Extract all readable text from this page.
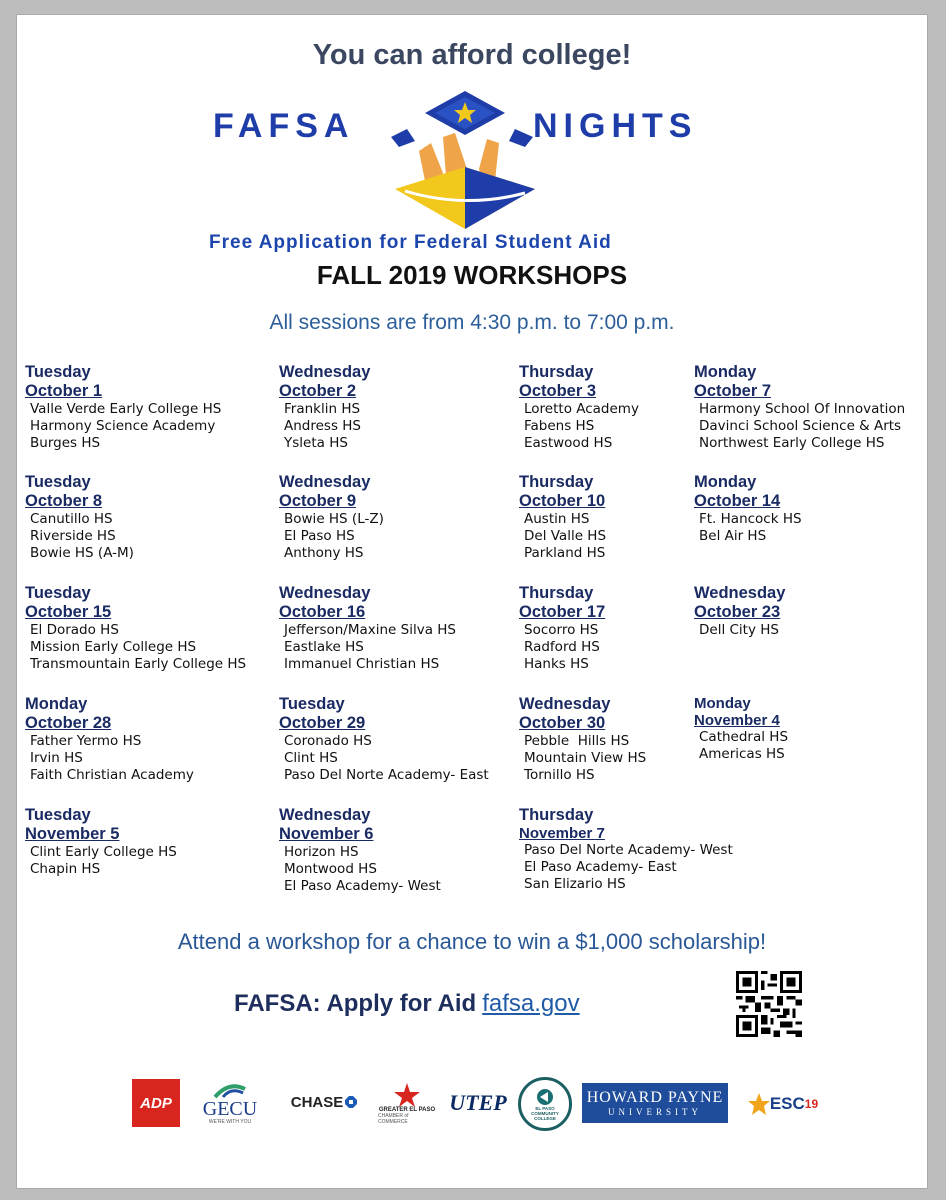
You can afford college!
FAFSA	NIGHTS
Free Application for Federal Student Aid
FALL 2019 WORKSHOPS
All sessions are from 4:30 p.m. to 7:00 p.m.
Tuesday
October 1
Valle Verde Early College HS
Harmony Science Academy
Burges HS
Wednesday
October 2
Franklin HS
Andress HS
Ysleta HS
Thursday
October 3
Loretto Academy
Fabens HS
Eastwood HS
Monday
October 7
Harmony School Of Innovation
Davinci School Science & Arts
Northwest Early College HS
Tuesday
October 8
Canutillo HS
Riverside HS
Bowie HS (A-M)
Wednesday
October 9
Bowie HS (L-Z)
El Paso HS
Anthony HS
Thursday
October 10
Austin HS
Del Valle HS
Parkland HS
Monday
October 14
Ft. Hancock HS
Bel Air HS
Tuesday
October 15
El Dorado HS
Mission Early College HS
Transmountain Early College HS
Wednesday
October 16
Jefferson/Maxine Silva HS
Eastlake HS
Immanuel Christian HS
Thursday
October 17
Socorro HS
Radford HS
Hanks HS
Wednesday
October 23
Dell City HS
Monday
October 28
Father Yermo HS
Irvin HS
Faith Christian Academy
Tuesday
October 29
Coronado HS
Clint HS
Paso Del Norte Academy- East
Wednesday
October 30
Pebble  Hills HS
Mountain View HS
Tornillo HS
Monday
November 4
Cathedral HS
Americas HS
Tuesday
November 5
Clint Early College HS
Chapin HS
Wednesday
November 6
Horizon HS
Montwood HS
El Paso Academy- West
Thursday
November 7
Paso Del Norte Academy- West
El Paso Academy- East
San Elizario HS
Attend a workshop for a chance to win a $1,000 scholarship!
FAFSA: Apply for Aid fafsa.gov
ADP GECU
WE'RE WITH YOU
CHASE	GREATER EL PASO
CHAMBER of COMMERCE
UTEP	EL PASO COMMUNITY COLLEGE
HOWARD PAYNE
UNIVERSITY	ESC 19
